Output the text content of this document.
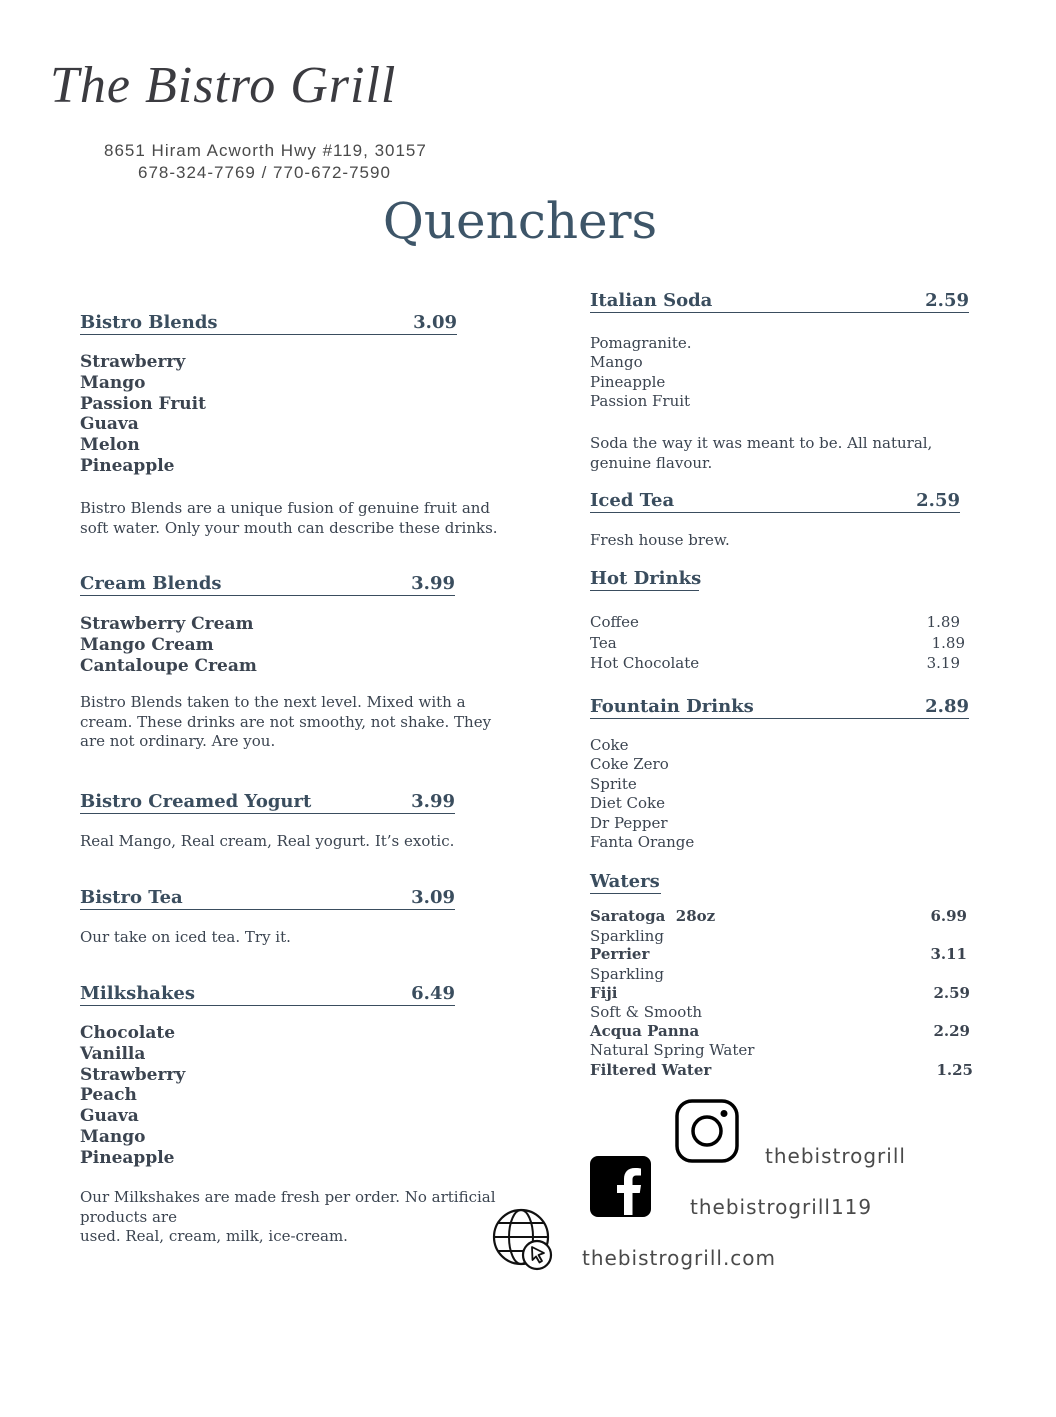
The Bistro Grill
8651 Hiram Acworth Hwy #119, 30157
678-324-7769 / 770-672-7590
Quenchers
Bistro Blends	3.09
Strawberry
Mango
Passion Fruit
Guava
Melon
Pineapple
Bistro Blends are a unique fusion of genuine fruit and
soft water. Only your mouth can describe these drinks.
Cream Blends	3.99
Strawberry Cream
Mango Cream
Cantaloupe Cream
Bistro Blends taken to the next level. Mixed with a
cream. These drinks are not smoothy, not shake. They
are not ordinary. Are you.
Bistro Creamed Yogurt	3.99
Real Mango, Real cream, Real yogurt. It’s exotic.
Bistro Tea	3.09
Our take on iced tea. Try it.
Milkshakes	6.49
Chocolate
Vanilla
Strawberry
Peach
Guava
Mango
Pineapple
Our Milkshakes are made fresh per order. No artificial
products are
used. Real, cream, milk, ice-cream.
Italian Soda	2.59
Pomagranite.
Mango
Pineapple
Passion Fruit
Soda the way it was meant to be. All natural,
genuine flavour.
Iced Tea	2.59
Fresh house brew.
Hot Drinks
Coffee	1.89
Tea	1.89
Hot Chocolate	3.19
Fountain Drinks	2.89
Coke
Coke Zero
Sprite
Diet Coke
Dr Pepper
Fanta Orange
Waters
Saratoga  28oz	6.99
Sparkling
Perrier	3.11
Sparkling
Fiji	2.59
Soft & Smooth
Acqua Panna	2.29
Natural Spring Water
Filtered Water	1.25
thebistrogrill
thebistrogrill119
thebistrogrill.com
